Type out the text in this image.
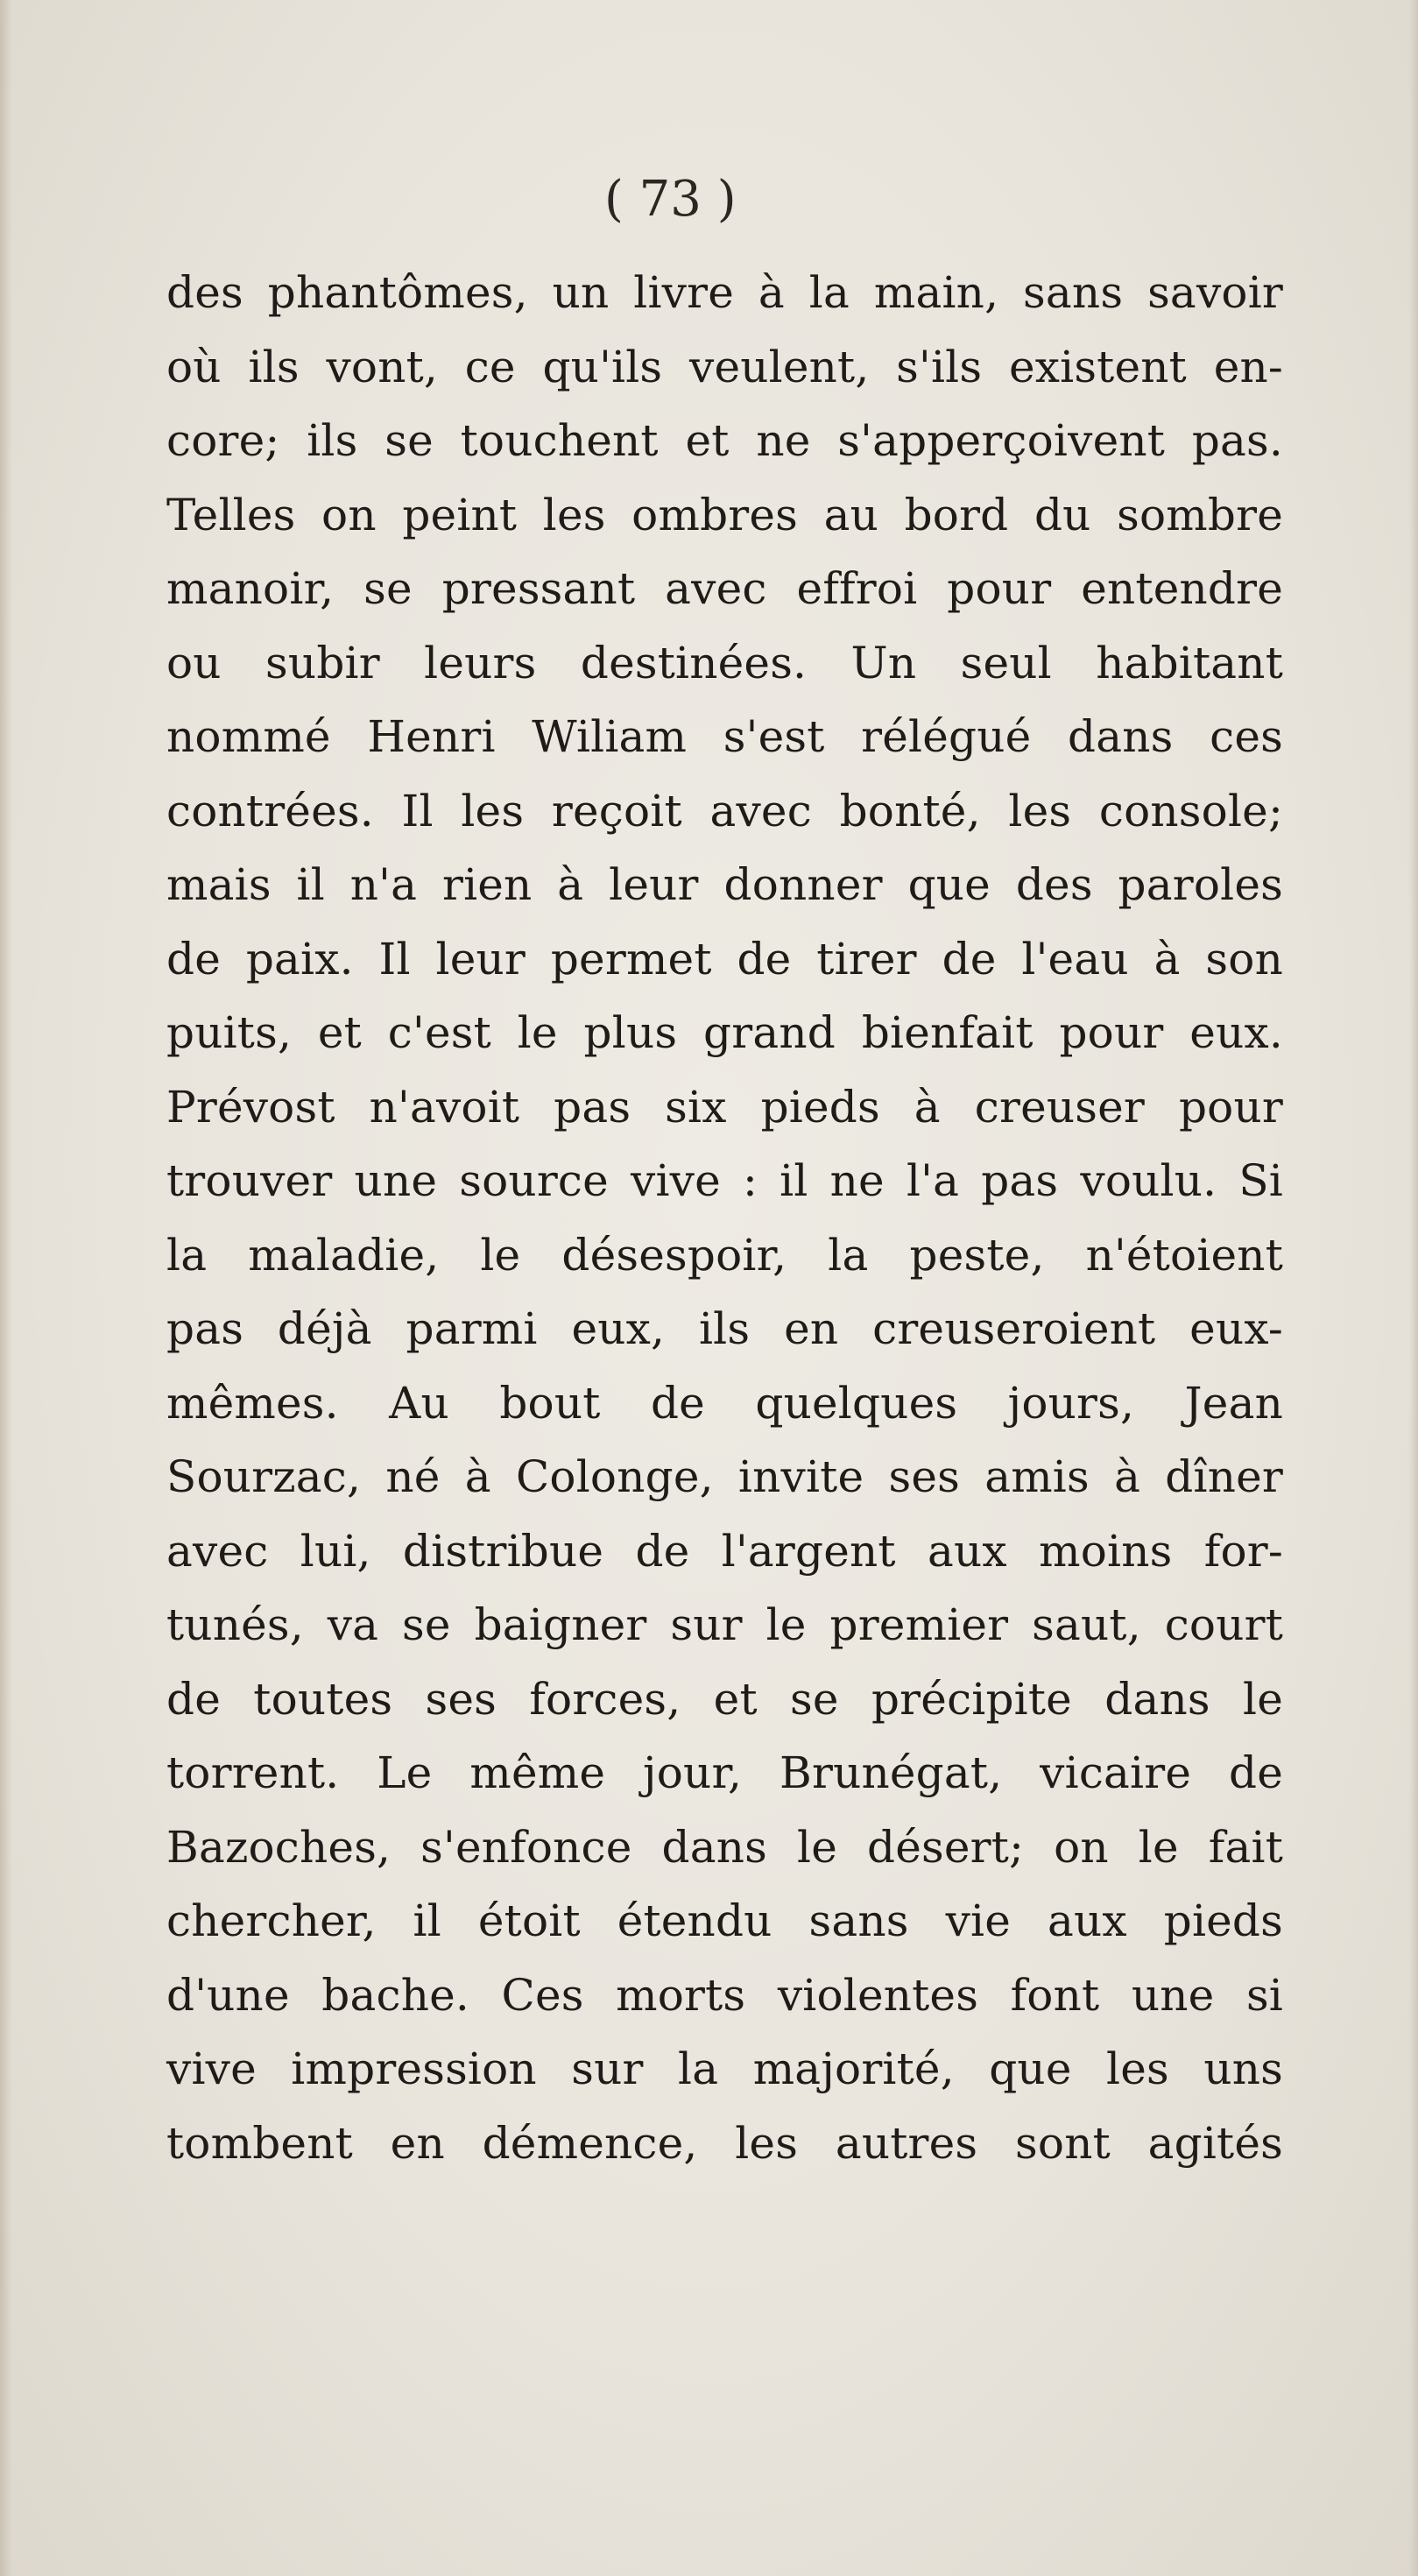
( 73 )
des phantômes, un livre à la main, sans savoir
où ils vont, ce qu'ils veulent, s'ils existent en-
core; ils se touchent et ne s'apperçoivent pas.
Telles on peint les ombres au bord du sombre
manoir, se pressant avec effroi pour entendre
ou subir leurs destinées. Un seul habitant
nommé Henri Wiliam s'est rélégué dans ces
contrées. Il les reçoit avec bonté, les console;
mais il n'a rien à leur donner que des paroles
de paix. Il leur permet de tirer de l'eau à son
puits, et c'est le plus grand bienfait pour eux.
Prévost n'avoit pas six pieds à creuser pour
trouver une source vive : il ne l'a pas voulu. Si
la maladie, le désespoir, la peste, n'étoient
pas déjà parmi eux, ils en creuseroient eux-
mêmes. Au bout de quelques jours, Jean
Sourzac, né à Colonge, invite ses amis à dîner
avec lui, distribue de l'argent aux moins for-
tunés, va se baigner sur le premier saut, court
de toutes ses forces, et se précipite dans le
torrent. Le même jour, Brunégat, vicaire de
Bazoches, s'enfonce dans le désert; on le fait
chercher, il étoit étendu sans vie aux pieds
d'une bache. Ces morts violentes font une si
vive impression sur la majorité, que les uns
tombent en démence, les autres sont agités
